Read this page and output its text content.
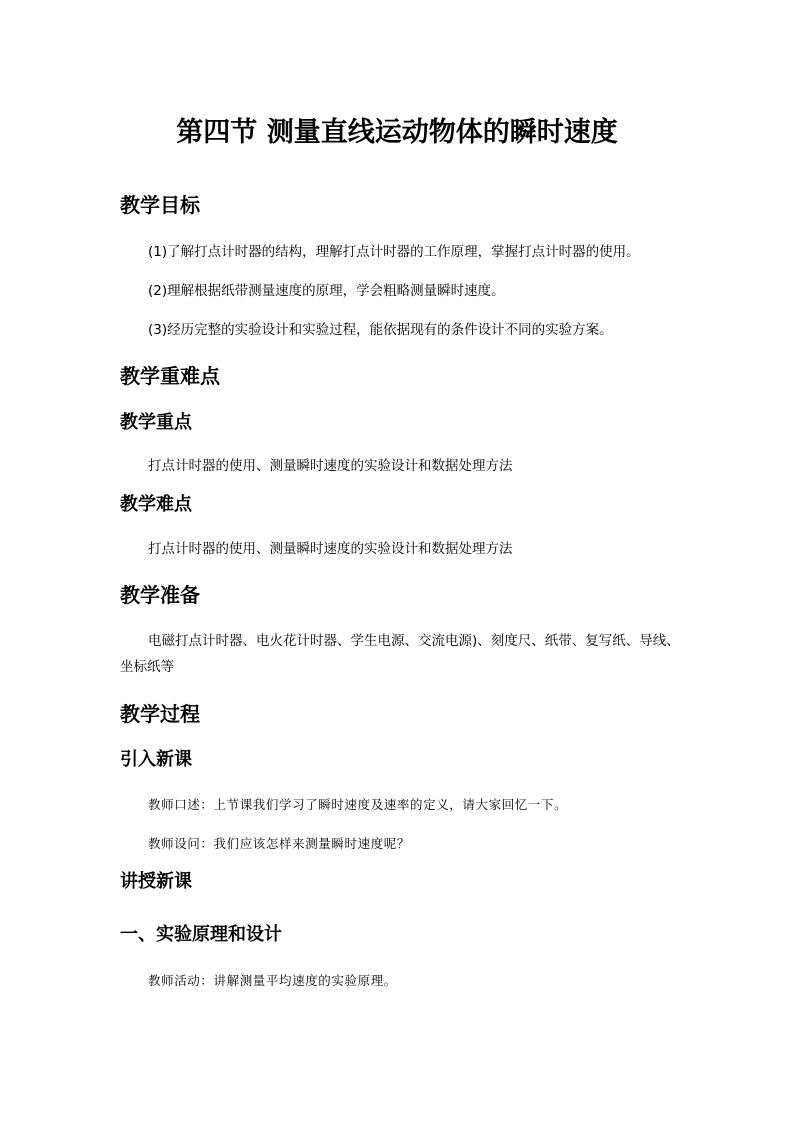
第四节 测量直线运动物体的瞬时速度
教学目标

(1)了解打点计时器的结构，理解打点计时器的工作原理，掌握打点计时器的使用。

(2)理解根据纸带测量速度的原理，学会粗略测量瞬时速度。

(3)经历完整的实验设计和实验过程，能依据现有的条件设计不同的实验方案。

教学重难点
教学重点

打点计时器的使用、测量瞬时速度的实验设计和数据处理方法

教学难点

打点计时器的使用、测量瞬时速度的实验设计和数据处理方法

教学准备

电磁打点计时器、电火花计时器、学生电源、交流电源)、刻度尺、纸带、复写纸、导线、坐标纸等

教学过程
引入新课

教师口述：上节课我们学习了瞬时速度及速率的定义，请大家回忆一下。

教师设问：我们应该怎样来测量瞬时速度呢？

讲授新课
一、实验原理和设计

教师活动：讲解测量平均速度的实验原理。
